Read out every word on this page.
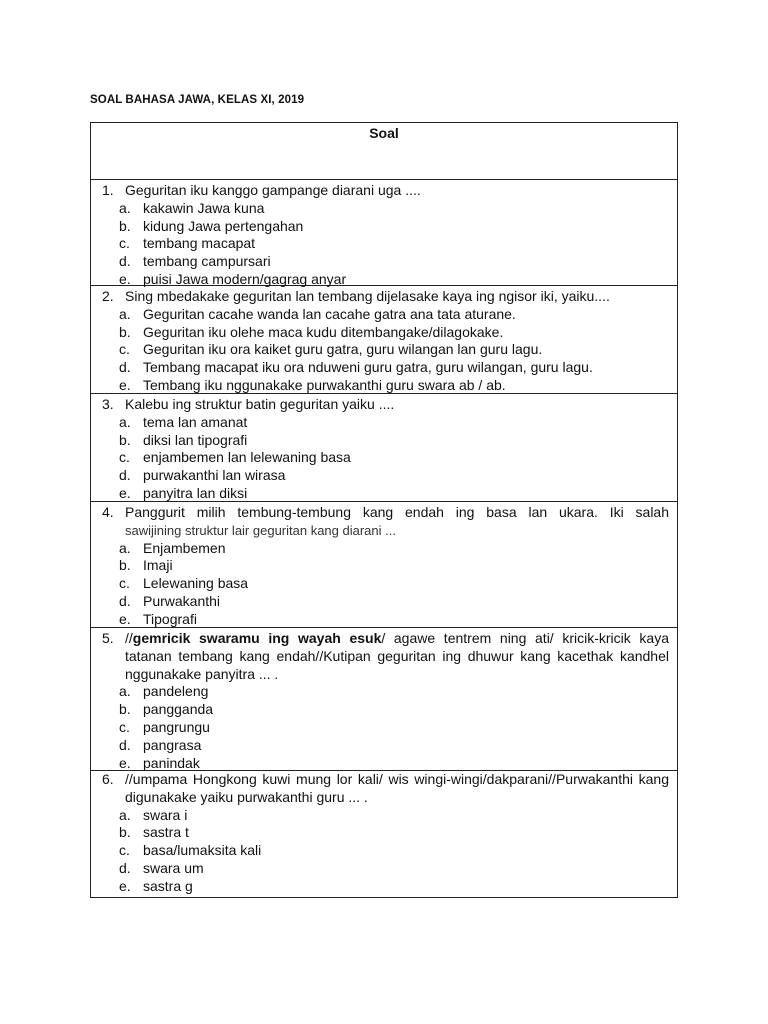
SOAL BAHASA JAWA, KELAS XI, 2019
Soal
1. Geguritan iku kanggo gampange diarani uga ....
a. kakawin Jawa kuna
b. kidung Jawa pertengahan
c. tembang macapat
d. tembang campursari
e. puisi Jawa modern/gagrag anyar
2. Sing mbedakake geguritan lan tembang dijelasake kaya ing ngisor iki, yaiku....
a. Geguritan cacahe wanda lan cacahe gatra ana tata aturane.
b. Geguritan iku olehe maca kudu ditembangake/dilagokake.
c. Geguritan iku ora kaiket guru gatra, guru wilangan lan guru lagu.
d. Tembang macapat iku ora nduweni guru gatra, guru wilangan, guru lagu.
e. Tembang iku nggunakake purwakanthi guru swara ab / ab.
3. Kalebu ing struktur batin geguritan yaiku ....
a. tema lan amanat
b. diksi lan tipografi
c. enjambemen lan lelewaning basa
d. purwakanthi lan wirasa
e. panyitra lan diksi
4. Panggurit milih tembung-tembung kang endah ing basa lan ukara. Iki salah
sawijining struktur lair geguritan kang diarani ...
a. Enjambemen
b. Imaji
c. Lelewaning basa
d. Purwakanthi
e. Tipografi
5. //gemricik swaramu ing wayah esuk/ agawe tentrem ning ati/ kricik-kricik kaya tatanan tembang kang endah//Kutipan geguritan ing dhuwur kang kacethak kandhel nggunakake panyitra ... .
a. pandeleng
b. pangganda
c. pangrungu
d. pangrasa
e. panindak
6. //umpama Hongkong kuwi mung lor kali/ wis wingi-wingi/dakparani//Purwakanthi kang digunakake yaiku purwakanthi guru ... .
a. swara i
b. sastra t
c. basa/lumaksita kali
d. swara um
e. sastra g
